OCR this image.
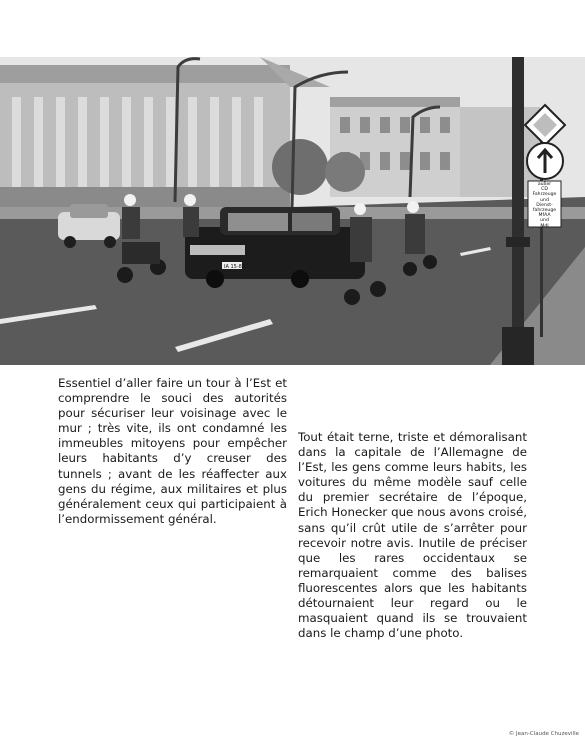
IA 15-80
außer
CD Fahrzeuge
und
Dienst-
fahrzeuge
MfAA
und
MdI

Essentiel d’aller faire un tour à l’Est et comprendre le souci des autorités pour sécuriser leur voisinage avec le mur ; très vite, ils ont condamné les immeubles mitoyens pour empêcher leurs habitants d’y creuser des tunnels ; avant de les réaffecter aux gens du régime, aux militaires et plus généralement ceux qui participaient à l’endormissement général.

Tout était terne, triste et démoralisant dans la capitale de l’Allemagne de l’Est, les gens comme leurs habits, les voitures du même modèle sauf celle du premier secrétaire de l’époque, Erich Honecker que nous avons croisé, sans qu’il crût utile de s’arrêter pour recevoir notre avis. Inutile de préciser que les rares occidentaux se remarquaient comme des balises fluorescentes alors que les habitants détournaient leur regard ou le masquaient quand ils se trouvaient dans le champ d’une photo.

© Jean-Claude Chuzeville
